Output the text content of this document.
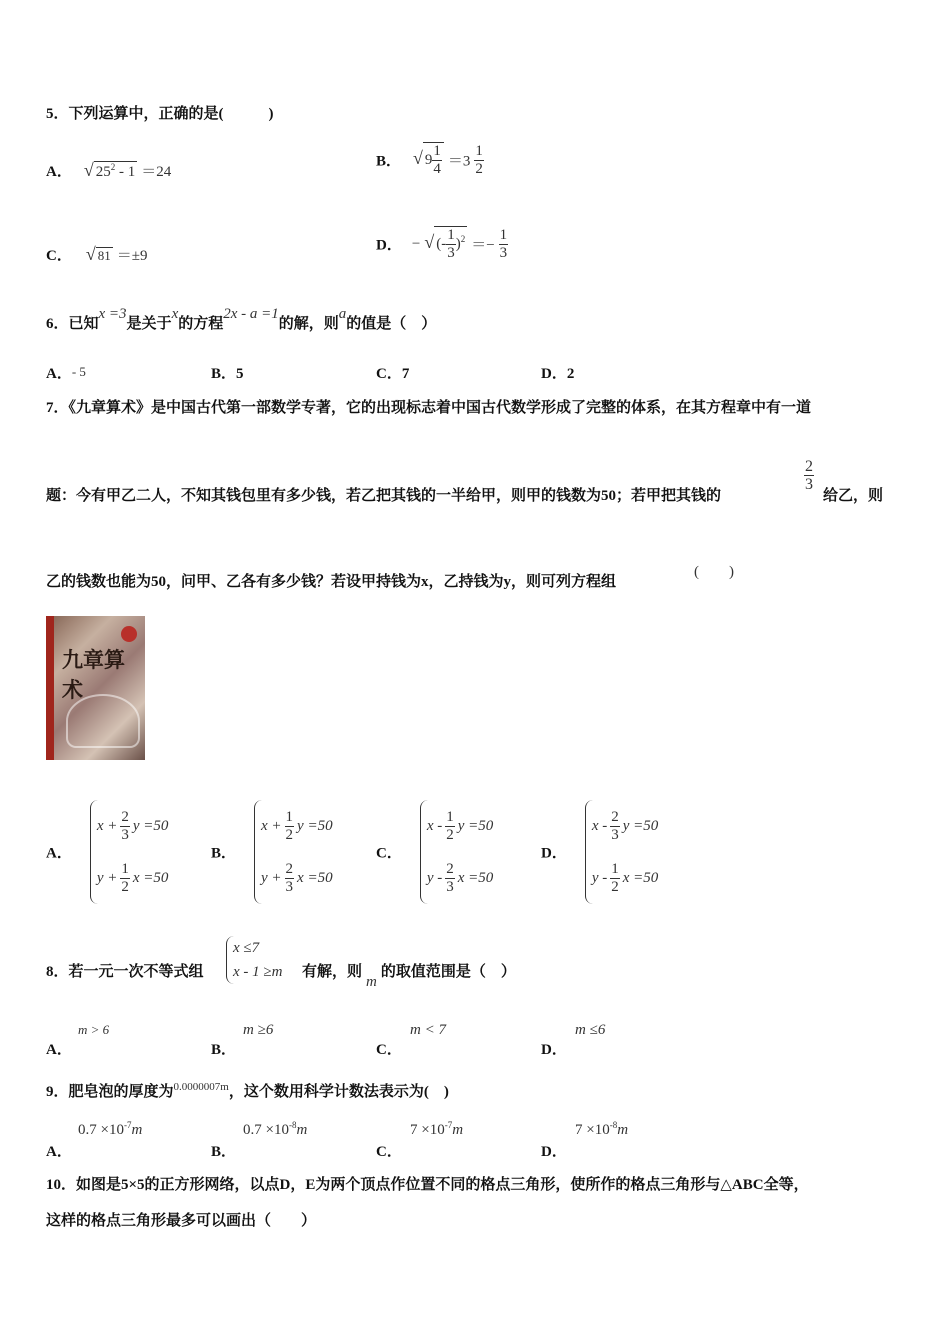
5．下列运算中，正确的是(　　　)
A． √ $25^2 - 1 =24$
B． √ $9 \frac{1}{4} =3 \frac{1}{2}$
C． √ 81 ＝±9
D． − √ (- $\frac{1}{3} )^2 =- \frac{1}{3}$
6．已知x =3是关于x的方程2x - a =1的解，则a的值是（　）
A．- 5	B．5	C．7	D．2
7．《九章算术》是中国古代第一部数学专著，它的出现标志着中国古代数学形成了完整的体系，在其方程章中有一道
题：今有甲乙二人，不知其钱包里有多少钱，若乙把其钱的一半给甲，则甲的钱数为50；若甲把其钱的
$\frac{2}{3}$
给乙，则
乙的钱数也能为50，问甲、乙各有多少钱？若设甲持钱为x，乙持钱为y，则可列方程组
(　　)
九章算术
A．
$x + \frac{2}{3}$ y =50
$y + \frac{1}{2}$ x =50
B．
$x + \frac{1}{2}$ y =50
$y + \frac{2}{3}$ x =50
C．
x - $\frac{1}{2}$ y =50
y - $\frac{2}{3}$ x =50
D．
x - $\frac{2}{3}$ y =50
y - $\frac{1}{2}$ x =50
8．若一元一次不等式组
x ≤7
x - 1 ≥m 有解，则m的取值范围是（　）
m > 6
A．
m ≥6
B．
m < 7
C．
m ≤6
D．
9．肥皂泡的厚度为$^{0.0000007m}$，这个数用科学计数法表示为(　)
$0.7 \times 10^{-7}m$
A．
$0.7 \times 10^{-8}m$
B．
$7 \times 10^{-7}m$
C．
$7 \times 10^{-8}m$
D．
10．如图是5×5的正方形网络，以点D，E为两个顶点作位置不同的格点三角形，使所作的格点三角形与△ABC全等，
这样的格点三角形最多可以画出（　　）
